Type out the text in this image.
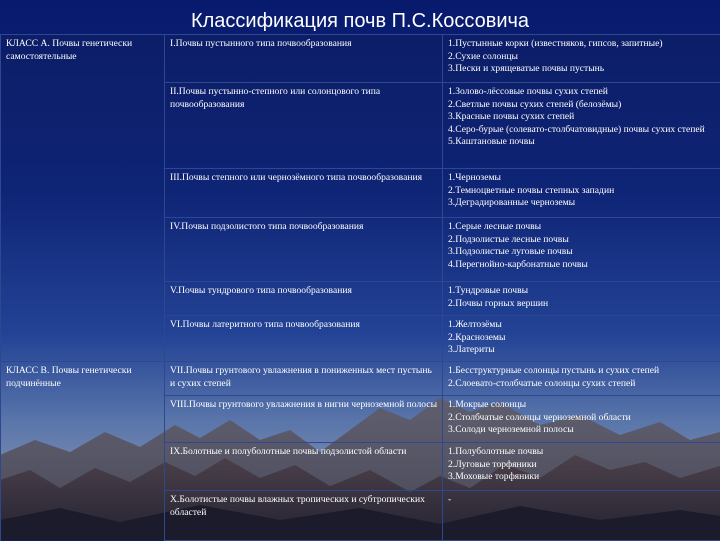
Классификация почв П.С.Коссовича
КЛАСС А. Почвы генетически самостоятельные	I.Почвы пустынного типа почвообразования	1.Пустынные корки (известняков, гипсов, запитные)
2.Сухие солонцы
3.Пески и хрящеватые почвы пустынь

	II.Почвы пустынно-степного или солонцового типа почвообразования	1.Золово-лёссовые почвы сухих степей
2.Светлые почвы сухих степей (белозёмы)
3.Красные почвы сухих степей
4.Серо-бурые (солевато-столбчатовидные) почвы сухих степей
5.Каштановые почвы

	III.Почвы степного или чернозёмного типа почвообразования	1.Черноземы
2.Темноцветные почвы степных западин
3.Деградированные черноземы

	IV.Почвы подзолистого типа почвообразования	1.Серые лесные почвы
2.Подзолистые лесные почвы
3.Подзолистые луговые почвы
4.Перегнойно-карбонатные почвы

	V.Почвы тундрового типа почвообразования	1.Тундровые почвы
2.Почвы горных вершин

	VI.Почвы латеритного типа почвообразования	1.Желтозёмы
2.Красноземы
3.Латериты

КЛАСС В. Почвы генетически подчинённые	VII.Почвы грунтового увлажнения в пониженных мест пустынь и сухих степей	1.Бесструктурные солонцы пустынь и сухих степей
2.Слоевато-столбчатые солонцы сухих степей

	VIII.Почвы грунтового увлажнения в нигни черноземной полосы	1.Мокрые солонцы
2.Столбчатые солонцы черноземной области
3.Солоди черноземной полосы

	IX.Болотные и полуболотные почвы подзолистой области	1.Полуболотные почвы
2.Луговые торфяники
3.Моховые торфяники

	X.Болотистые почвы влажных тропических и субтропических областей	-
